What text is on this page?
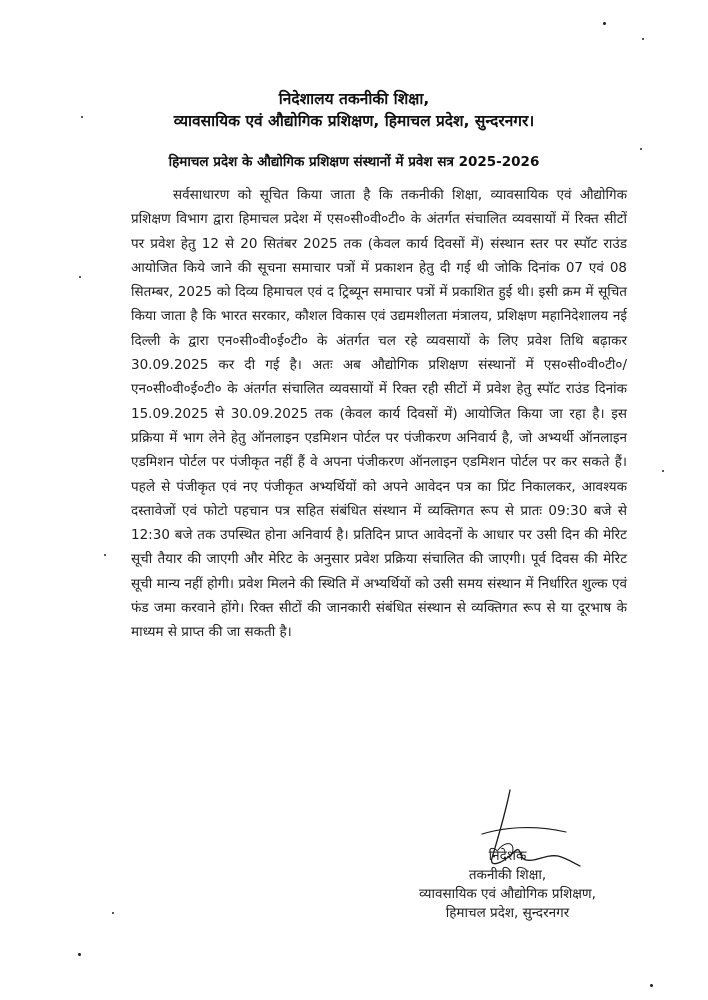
निदेशालय तकनीकी शिक्षा,
व्यावसायिक एवं औद्योगिक प्रशिक्षण, हिमाचल प्रदेश, सुन्दरनगर।
हिमाचल प्रदेश के औद्योगिक प्रशिक्षण संस्थानों में प्रवेश सत्र 2025-2026
सर्वसाधारण को सूचित किया जाता है कि तकनीकी शिक्षा, व्यावसायिक एवं औद्योगिक प्रशिक्षण विभाग द्वारा हिमाचल प्रदेश में एस०सी०वी०टी० के अंतर्गत संचालित व्यवसायों में रिक्त सीटों पर प्रवेश हेतु 12 से 20 सितंबर 2025 तक (केवल कार्य दिवसों में) संस्थान स्तर पर स्पॉट राउंड आयोजित किये जाने की सूचना समाचार पत्रों में प्रकाशन हेतु दी गई थी जोकि दिनांक 07 एवं 08 सितम्बर, 2025 को दिव्य हिमाचल एवं द ट्रिब्यून समाचार पत्रों में प्रकाशित हुई थी। इसी क्रम में सूचित किया जाता है कि भारत सरकार, कौशल विकास एवं उद्यमशीलता मंत्रालय, प्रशिक्षण महानिदेशालय नई दिल्ली के द्वारा एन०सी०वी०ई०टी० के अंतर्गत चल रहे व्यवसायों के लिए प्रवेश तिथि बढ़ाकर 30.09.2025 कर दी गई है। अतः अब औद्योगिक प्रशिक्षण संस्थानों में एस०सी०वी०टी०/ एन०सी०वी०ई०टी० के अंतर्गत संचालित व्यवसायों में रिक्त रही सीटों में प्रवेश हेतु स्पॉट राउंड दिनांक 15.09.2025 से 30.09.2025 तक (केवल कार्य दिवसों में) आयोजित किया जा रहा है। इस प्रक्रिया में भाग लेने हेतु ऑनलाइन एडमिशन पोर्टल पर पंजीकरण अनिवार्य है, जो अभ्यर्थी ऑनलाइन एडमिशन पोर्टल पर पंजीकृत नहीं हैं वे अपना पंजीकरण ऑनलाइन एडमिशन पोर्टल पर कर सकते हैं। पहले से पंजीकृत एवं नए पंजीकृत अभ्यर्थियों को अपने आवेदन पत्र का प्रिंट निकालकर, आवश्यक दस्तावेजों एवं फोटो पहचान पत्र सहित संबंधित संस्थान में व्यक्तिगत रूप से प्रातः 09:30 बजे से 12:30 बजे तक उपस्थित होना अनिवार्य है। प्रतिदिन प्राप्त आवेदनों के आधार पर उसी दिन की मेरिट सूची तैयार की जाएगी और मेरिट के अनुसार प्रवेश प्रक्रिया संचालित की जाएगी। पूर्व दिवस की मेरिट सूची मान्य नहीं होगी। प्रवेश मिलने की स्थिति में अभ्यर्थियों को उसी समय संस्थान में निर्धारित शुल्क एवं फंड जमा करवाने होंगे। रिक्त सीटों की जानकारी संबंधित संस्थान से व्यक्तिगत रूप से या दूरभाष के माध्यम से प्राप्त की जा सकती है।
निदेशक
तकनीकी शिक्षा,
व्यावसायिक एवं औद्योगिक प्रशिक्षण,
हिमाचल प्रदेश, सुन्दरनगर
